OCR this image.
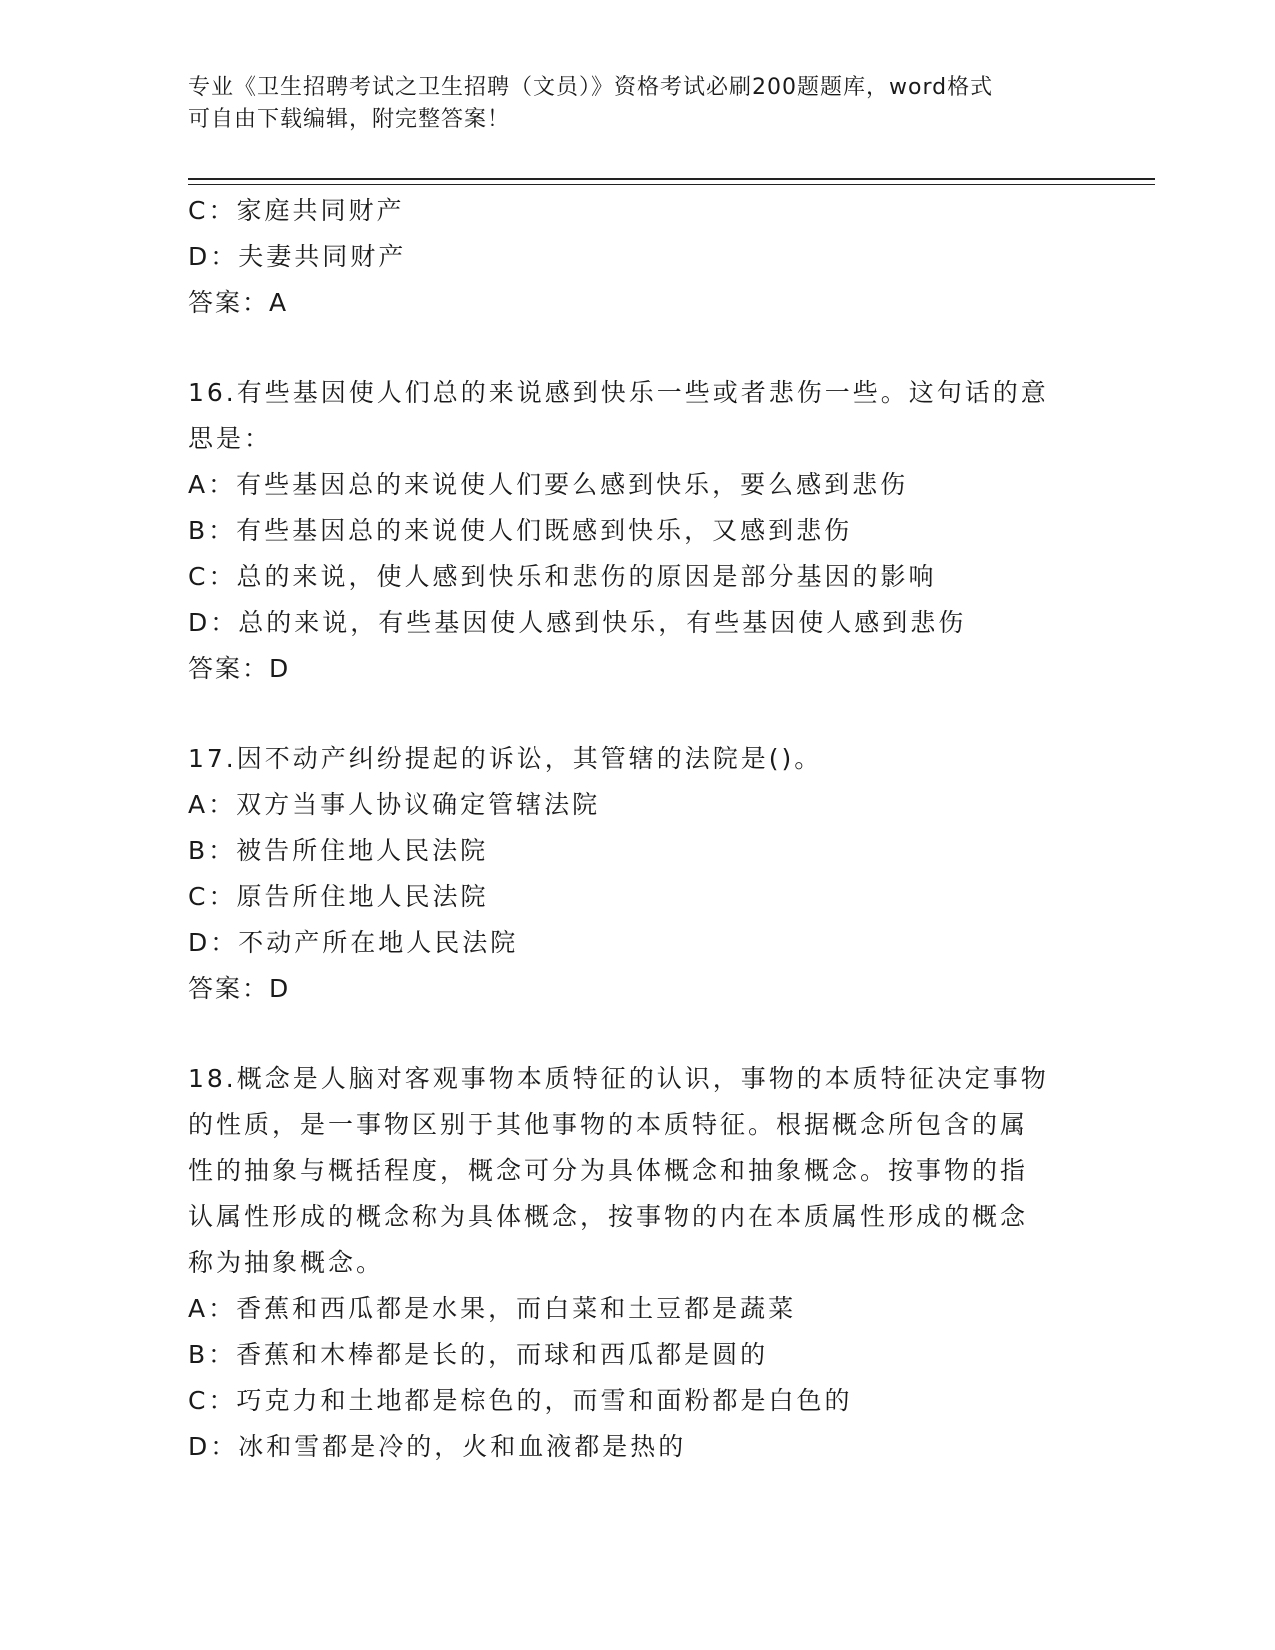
专业《卫生招聘考试之卫生招聘（文员）》资格考试必刷200题题库，word格式
可自由下载编辑，附完整答案！
C：家庭共同财产
D：夫妻共同财产
答案：A
16.有些基因使人们总的来说感到快乐一些或者悲伤一些。这句话的意
思是：
A：有些基因总的来说使人们要么感到快乐，要么感到悲伤
B：有些基因总的来说使人们既感到快乐，又感到悲伤
C：总的来说，使人感到快乐和悲伤的原因是部分基因的影响
D：总的来说，有些基因使人感到快乐，有些基因使人感到悲伤
答案：D
17.因不动产纠纷提起的诉讼，其管辖的法院是()。
A：双方当事人协议确定管辖法院
B：被告所住地人民法院
C：原告所住地人民法院
D：不动产所在地人民法院
答案：D
18.概念是人脑对客观事物本质特征的认识，事物的本质特征决定事物
的性质，是一事物区别于其他事物的本质特征。根据概念所包含的属
性的抽象与概括程度，概念可分为具体概念和抽象概念。按事物的指
认属性形成的概念称为具体概念，按事物的内在本质属性形成的概念
称为抽象概念。
A：香蕉和西瓜都是水果，而白菜和土豆都是蔬菜
B：香蕉和木棒都是长的，而球和西瓜都是圆的
C：巧克力和土地都是棕色的，而雪和面粉都是白色的
D：冰和雪都是冷的，火和血液都是热的
